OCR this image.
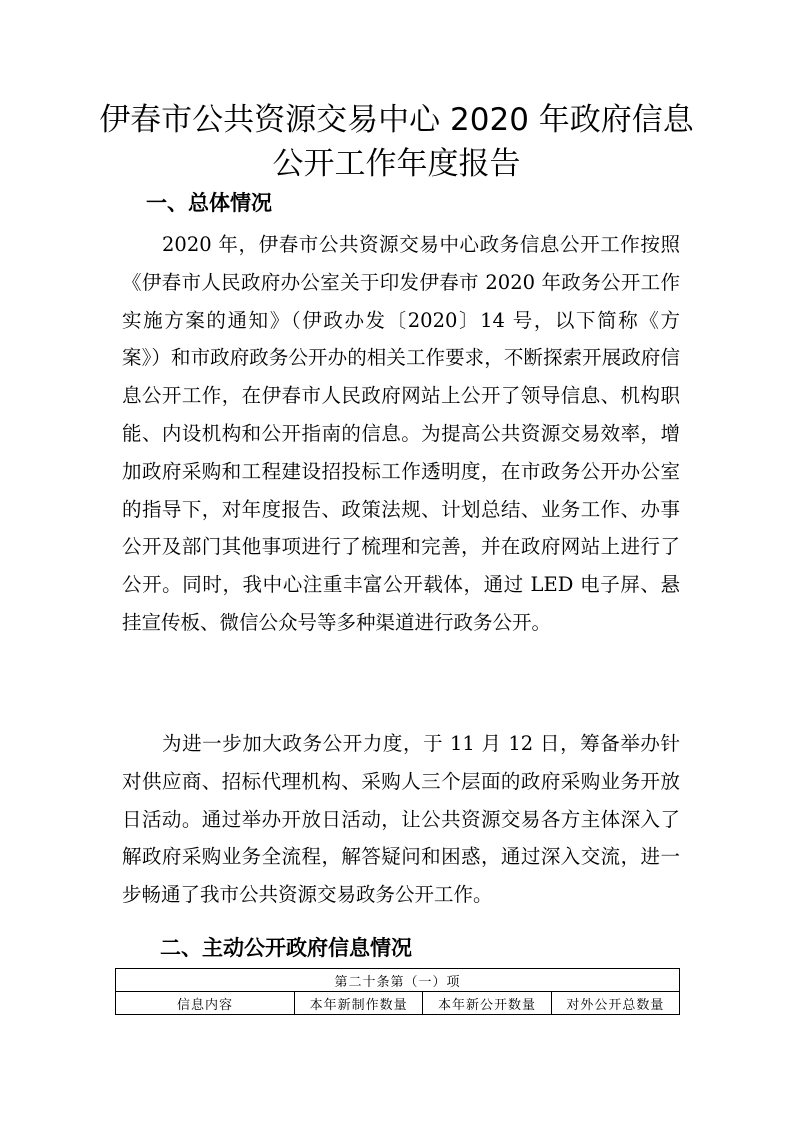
伊春市公共资源交易中心 2020 年政府信息
公开工作年度报告
一、总体情况

2020 年，伊春市公共资源交易中心政务信息公开工作按照《伊春市人民政府办公室关于印发伊春市 2020 年政务公开工作实施方案的通知》（伊政办发〔2020〕14 号，以下简称《方案》）和市政府政务公开办的相关工作要求，不断探索开展政府信息公开工作，在伊春市人民政府网站上公开了领导信息、机构职能、内设机构和公开指南的信息。为提高公共资源交易效率，增加政府采购和工程建设招投标工作透明度，在市政务公开办公室的指导下，对年度报告、政策法规、计划总结、业务工作、办事公开及部门其他事项进行了梳理和完善，并在政府网站上进行了公开。同时，我中心注重丰富公开载体，通过 LED 电子屏、悬挂宣传板、微信公众号等多种渠道进行政务公开。

为进一步加大政务公开力度，于 11 月 12 日，筹备举办针对供应商、招标代理机构、采购人三个层面的政府采购业务开放日活动。通过举办开放日活动，让公共资源交易各方主体深入了解政府采购业务全流程，解答疑问和困惑，通过深入交流，进一步畅通了我市公共资源交易政务公开工作。

二、主动公开政府信息情况
第二十条第（一）项
信息内容	本年新制作数量	本年新公开数量	对外公开总数量
